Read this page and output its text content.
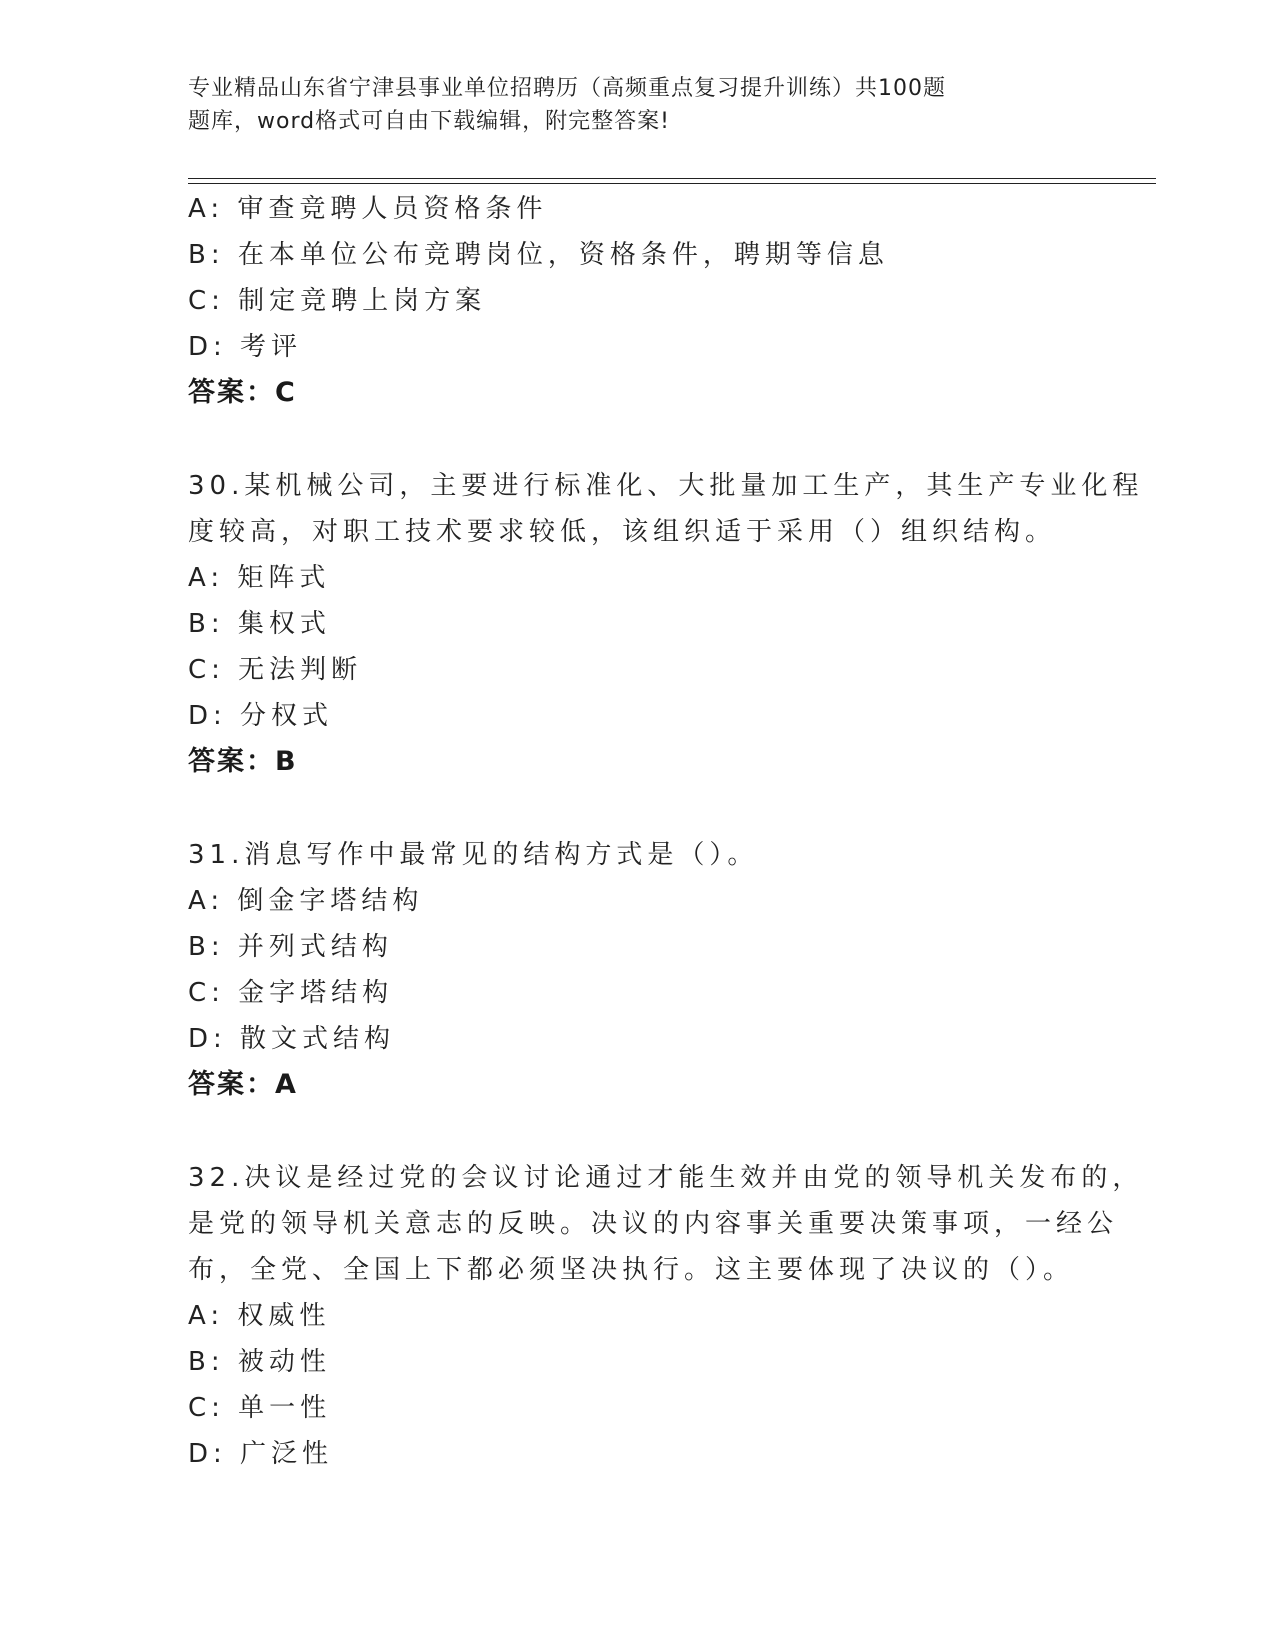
专业精品山东省宁津县事业单位招聘历（高频重点复习提升训练）共100题
题库，word格式可自由下载编辑，附完整答案!
A: 审查竞聘人员资格条件
B: 在本单位公布竞聘岗位，资格条件，聘期等信息
C: 制定竞聘上岗方案
D: 考评
答案：C
30.某机械公司，主要进行标准化、大批量加工生产，其生产专业化程
度较高，对职工技术要求较低，该组织适于采用（）组织结构。
A: 矩阵式
B: 集权式
C: 无法判断
D: 分权式
答案：B
31.消息写作中最常见的结构方式是（）。
A: 倒金字塔结构
B: 并列式结构
C: 金字塔结构
D: 散文式结构
答案：A
32.决议是经过党的会议讨论通过才能生效并由党的领导机关发布的，
是党的领导机关意志的反映。决议的内容事关重要决策事项，一经公
布，全党、全国上下都必须坚决执行。这主要体现了决议的（）。
A: 权威性
B: 被动性
C: 单一性
D: 广泛性
